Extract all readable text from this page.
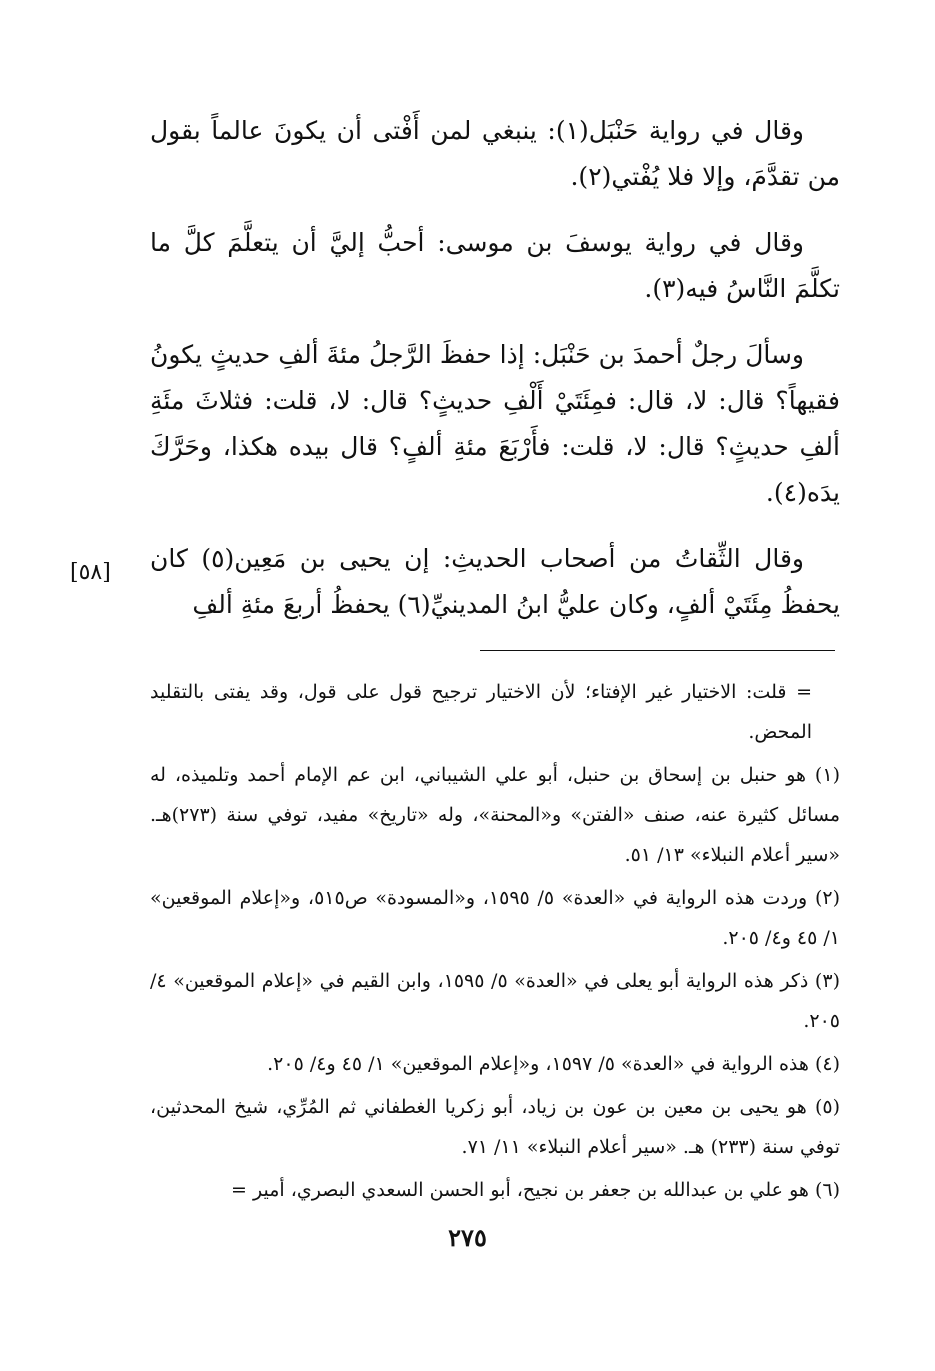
وقال في رواية حَنْبَل(١): ينبغي لمن أَفْتى أن يكونَ عالماً بقول من تقدَّمَ، وإلا فلا يُفْتي(٢).

وقال في رواية يوسفَ بن موسى: أحبُّ إليَّ أن يتعلَّمَ كلَّ ما تكلَّمَ النَّاسُ فيه(٣).

وسألَ رجلٌ أحمدَ بن حَنْبَل: إذا حفظَ الرَّجلُ مئةَ ألفِ حديثٍ يكونُ فقيهاً؟ قال: لا، قال: فمِئَتَيْ أَلْفِ حديثٍ؟ قال: لا، قلت: فثلاثَ مئَةِ ألفِ حديثٍ؟ قال: لا، قلت: فأَرْبَعَ مئةِ ألفٍ؟ قال بيده هكذا، وحَرَّكَ يدَه(٤).

وقال الثِّقاتُ من أصحاب الحديثِ: إن يحيى بن مَعِين(٥) كان يحفظُ مِئَتَيْ ألفٍ، وكان عليُّ ابنُ المدينيِّ(٦) يحفظُ أربعَ مئةِ ألفِ

[٥٨]

= قلت: الاختيار غير الإفتاء؛ لأن الاختيار ترجيح قول على قول، وقد يفتى بالتقليد المحض.

(١) هو حنبل بن إسحاق بن حنبل، أبو علي الشيباني، ابن عم الإمام أحمد وتلميذه، له مسائل كثيرة عنه، صنف «الفتن» و«المحنة»، وله «تاريخ» مفيد، توفي سنة (٢٧٣)هـ. «سير أعلام النبلاء» ١٣/ ٥١.

(٢) وردت هذه الرواية في «العدة» ٥/ ١٥٩٥، و«المسودة» ص٥١٥، و«إعلام الموقعين» ١/ ٤٥ و٤/ ٢٠٥.

(٣) ذكر هذه الرواية أبو يعلى في «العدة» ٥/ ١٥٩٥، وابن القيم في «إعلام الموقعين» ٤/ ٢٠٥.

(٤) هذه الرواية في «العدة» ٥/ ١٥٩٧، و«إعلام الموقعين» ١/ ٤٥ و٤/ ٢٠٥.

(٥) هو يحيى بن معين بن عون بن زياد، أبو زكريا الغطفاني ثم المُرِّي، شيخ المحدثين، توفي سنة (٢٣٣) هـ. «سير أعلام النبلاء» ١١/ ٧١.

(٦) هو علي بن عبدالله بن جعفر بن نجيح، أبو الحسن السعدي البصري، أمير =

٢٧٥
